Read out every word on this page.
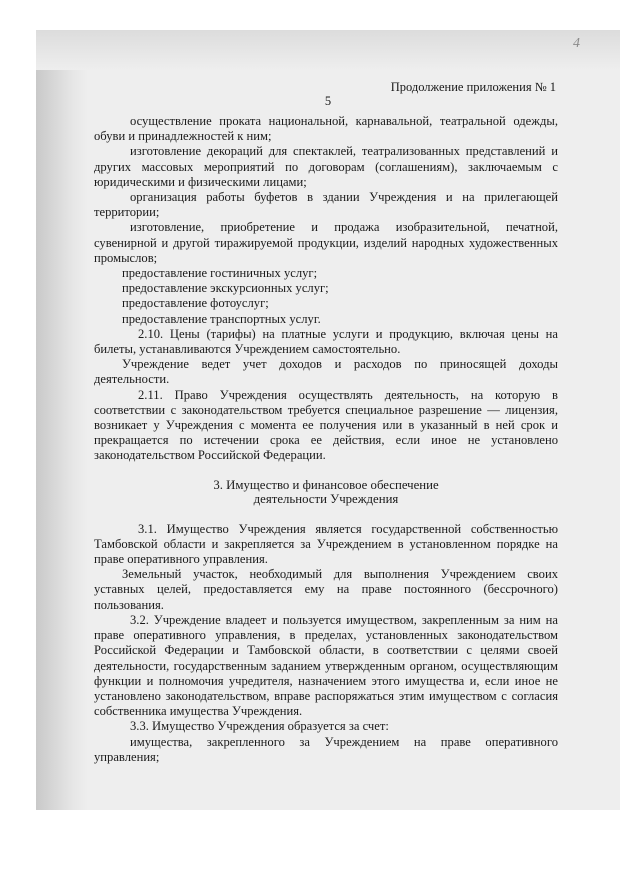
4
Продолжение приложения № 1
5

осуществление проката национальной, карнавальной, театральной одежды, обуви и принадлежностей к ним;

изготовление декораций для спектаклей, театрализованных представлений и других массовых мероприятий по договорам (соглашениям), заключаемым с юридическими и физическими лицами;

организация работы буфетов в здании Учреждения и на прилегающей территории;

изготовление, приобретение и продажа изобразительной, печатной, сувенирной и другой тиражируемой продукции, изделий народных художественных промыслов;

предоставление гостиничных услуг;

предоставление экскурсионных услуг;

предоставление фотоуслуг;

предоставление транспортных услуг.

2.10. Цены (тарифы) на платные услуги и продукцию, включая цены на билеты, устанавливаются Учреждением самостоятельно.

Учреждение ведет учет доходов и расходов по приносящей доходы деятельности.

2.11. Право Учреждения осуществлять деятельность, на которую в соответствии с законодательством требуется специальное разрешение — лицензия, возникает у Учреждения с момента ее получения или в указанный в ней срок и прекращается по истечении срока ее действия, если иное не установлено законодательством Российской Федерации.

3. Имущество и финансовое обеспечение
деятельности Учреждения

3.1. Имущество Учреждения является государственной собственностью Тамбовской области и закрепляется за Учреждением в установленном порядке на праве оперативного управления.

Земельный участок, необходимый для выполнения Учреждением своих уставных целей, предоставляется ему на праве постоянного (бессрочного) пользования.

3.2. Учреждение владеет и пользуется имуществом, закрепленным за ним на праве оперативного управления, в пределах, установленных законодательством Российской Федерации и Тамбовской области, в соответствии с целями своей деятельности, государственным заданием утвержденным органом, осуществляющим функции и полномочия учредителя, назначением этого имущества и, если иное не установлено законодательством, вправе распоряжаться этим имуществом с согласия собственника имущества Учреждения.

3.3. Имущество Учреждения образуется за счет:

имущества, закрепленного за Учреждением на праве оперативного управления;
